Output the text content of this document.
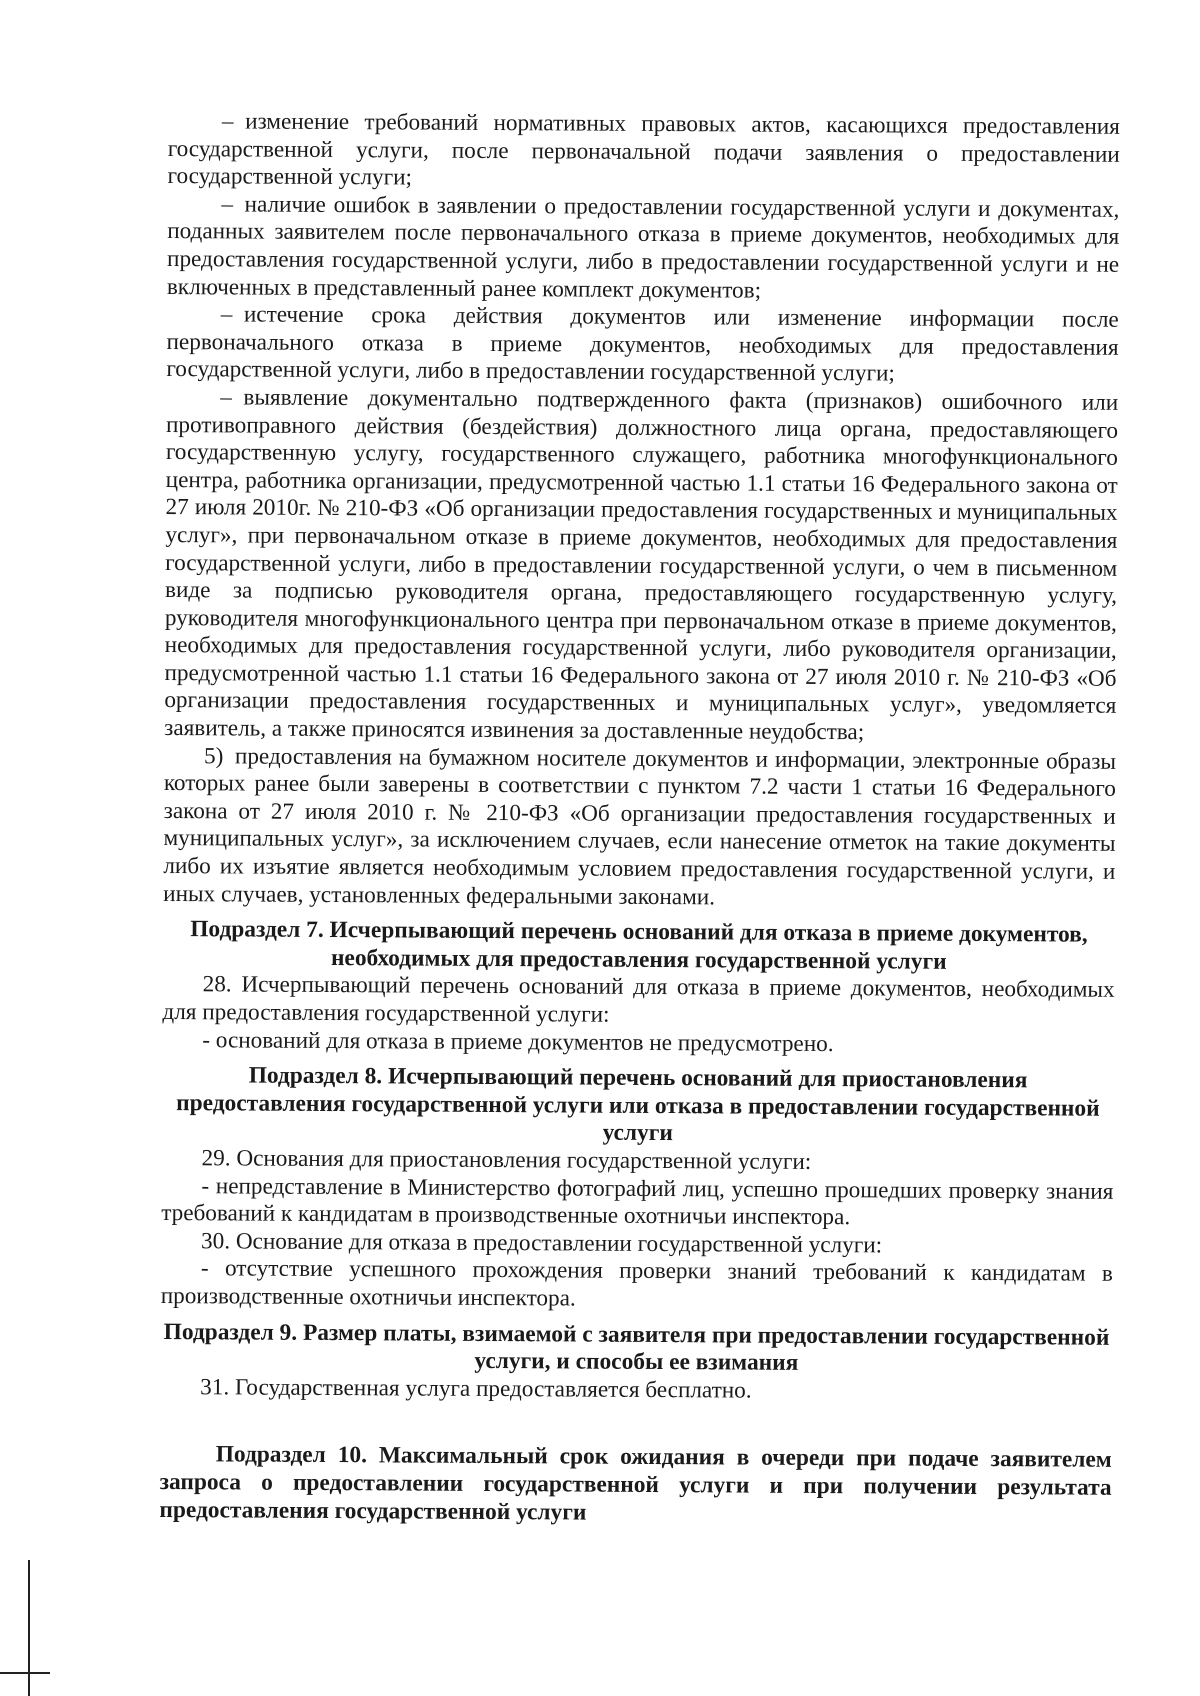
– изменение требований нормативных правовых актов, касающихся предоставления государственной услуги, после первоначальной подачи заявления о предоставлении государственной услуги;

– наличие ошибок в заявлении о предоставлении государственной услуги и документах, поданных заявителем после первоначального отказа в приеме документов, необходимых для предоставления государственной услуги, либо в предоставлении государственной услуги и не включенных в представленный ранее комплект документов;

– истечение срока действия документов или изменение информации после первоначального отказа в приеме документов, необходимых для предоставления государственной услуги, либо в предоставлении государственной услуги;

– выявление документально подтвержденного факта (признаков) ошибочного или противоправного действия (бездействия) должностного лица органа, предоставляющего государственную услугу, государственного служащего, работника многофункционального центра, работника организации, предусмотренной частью 1.1 статьи 16 Федерального закона от 27 июля 2010г. № 210-ФЗ «Об организации предоставления государственных и муниципальных услуг», при первоначальном отказе в приеме документов, необходимых для предоставления государственной услуги, либо в предоставлении государственной услуги, о чем в письменном виде за подписью руководителя органа, предоставляющего государственную услугу, руководителя многофункционального центра при первоначальном отказе в приеме документов, необходимых для предоставления государственной услуги, либо руководителя организации, предусмотренной частью 1.1 статьи 16 Федерального закона от 27 июля 2010 г. № 210-ФЗ «Об организации предоставления государственных и муниципальных услуг», уведомляется заявитель, а также приносятся извинения за доставленные неудобства;

5) предоставления на бумажном носителе документов и информации, электронные образы которых ранее были заверены в соответствии с пунктом 7.2 части 1 статьи 16 Федерального закона от 27 июля 2010 г. № 210-ФЗ «Об организации предоставления государственных и муниципальных услуг», за исключением случаев, если нанесение отметок на такие документы либо их изъятие является необходимым условием предоставления государственной услуги, и иных случаев, установленных федеральными законами.

Подраздел 7. Исчерпывающий перечень оснований для отказа в приеме документов, необходимых для предоставления государственной услуги

28. Исчерпывающий перечень оснований для отказа в приеме документов, необходимых для предоставления государственной услуги:

- оснований для отказа в приеме документов не предусмотрено.

Подраздел 8. Исчерпывающий перечень оснований для приостановления предоставления государственной услуги или отказа в предоставлении государственной услуги

29. Основания для приостановления государственной услуги:

- непредставление в Министерство фотографий лиц, успешно прошедших проверку знания требований к кандидатам в производственные охотничьи инспектора.

30. Основание для отказа в предоставлении государственной услуги:

- отсутствие успешного прохождения проверки знаний требований к кандидатам в производственные охотничьи инспектора.

Подраздел 9. Размер платы, взимаемой с заявителя при предоставлении государственной услуги, и способы ее взимания

31. Государственная услуга предоставляется бесплатно.

Подраздел 10. Максимальный срок ожидания в очереди при подаче заявителем запроса о предоставлении государственной услуги и при получении результата предоставления государственной услуги
